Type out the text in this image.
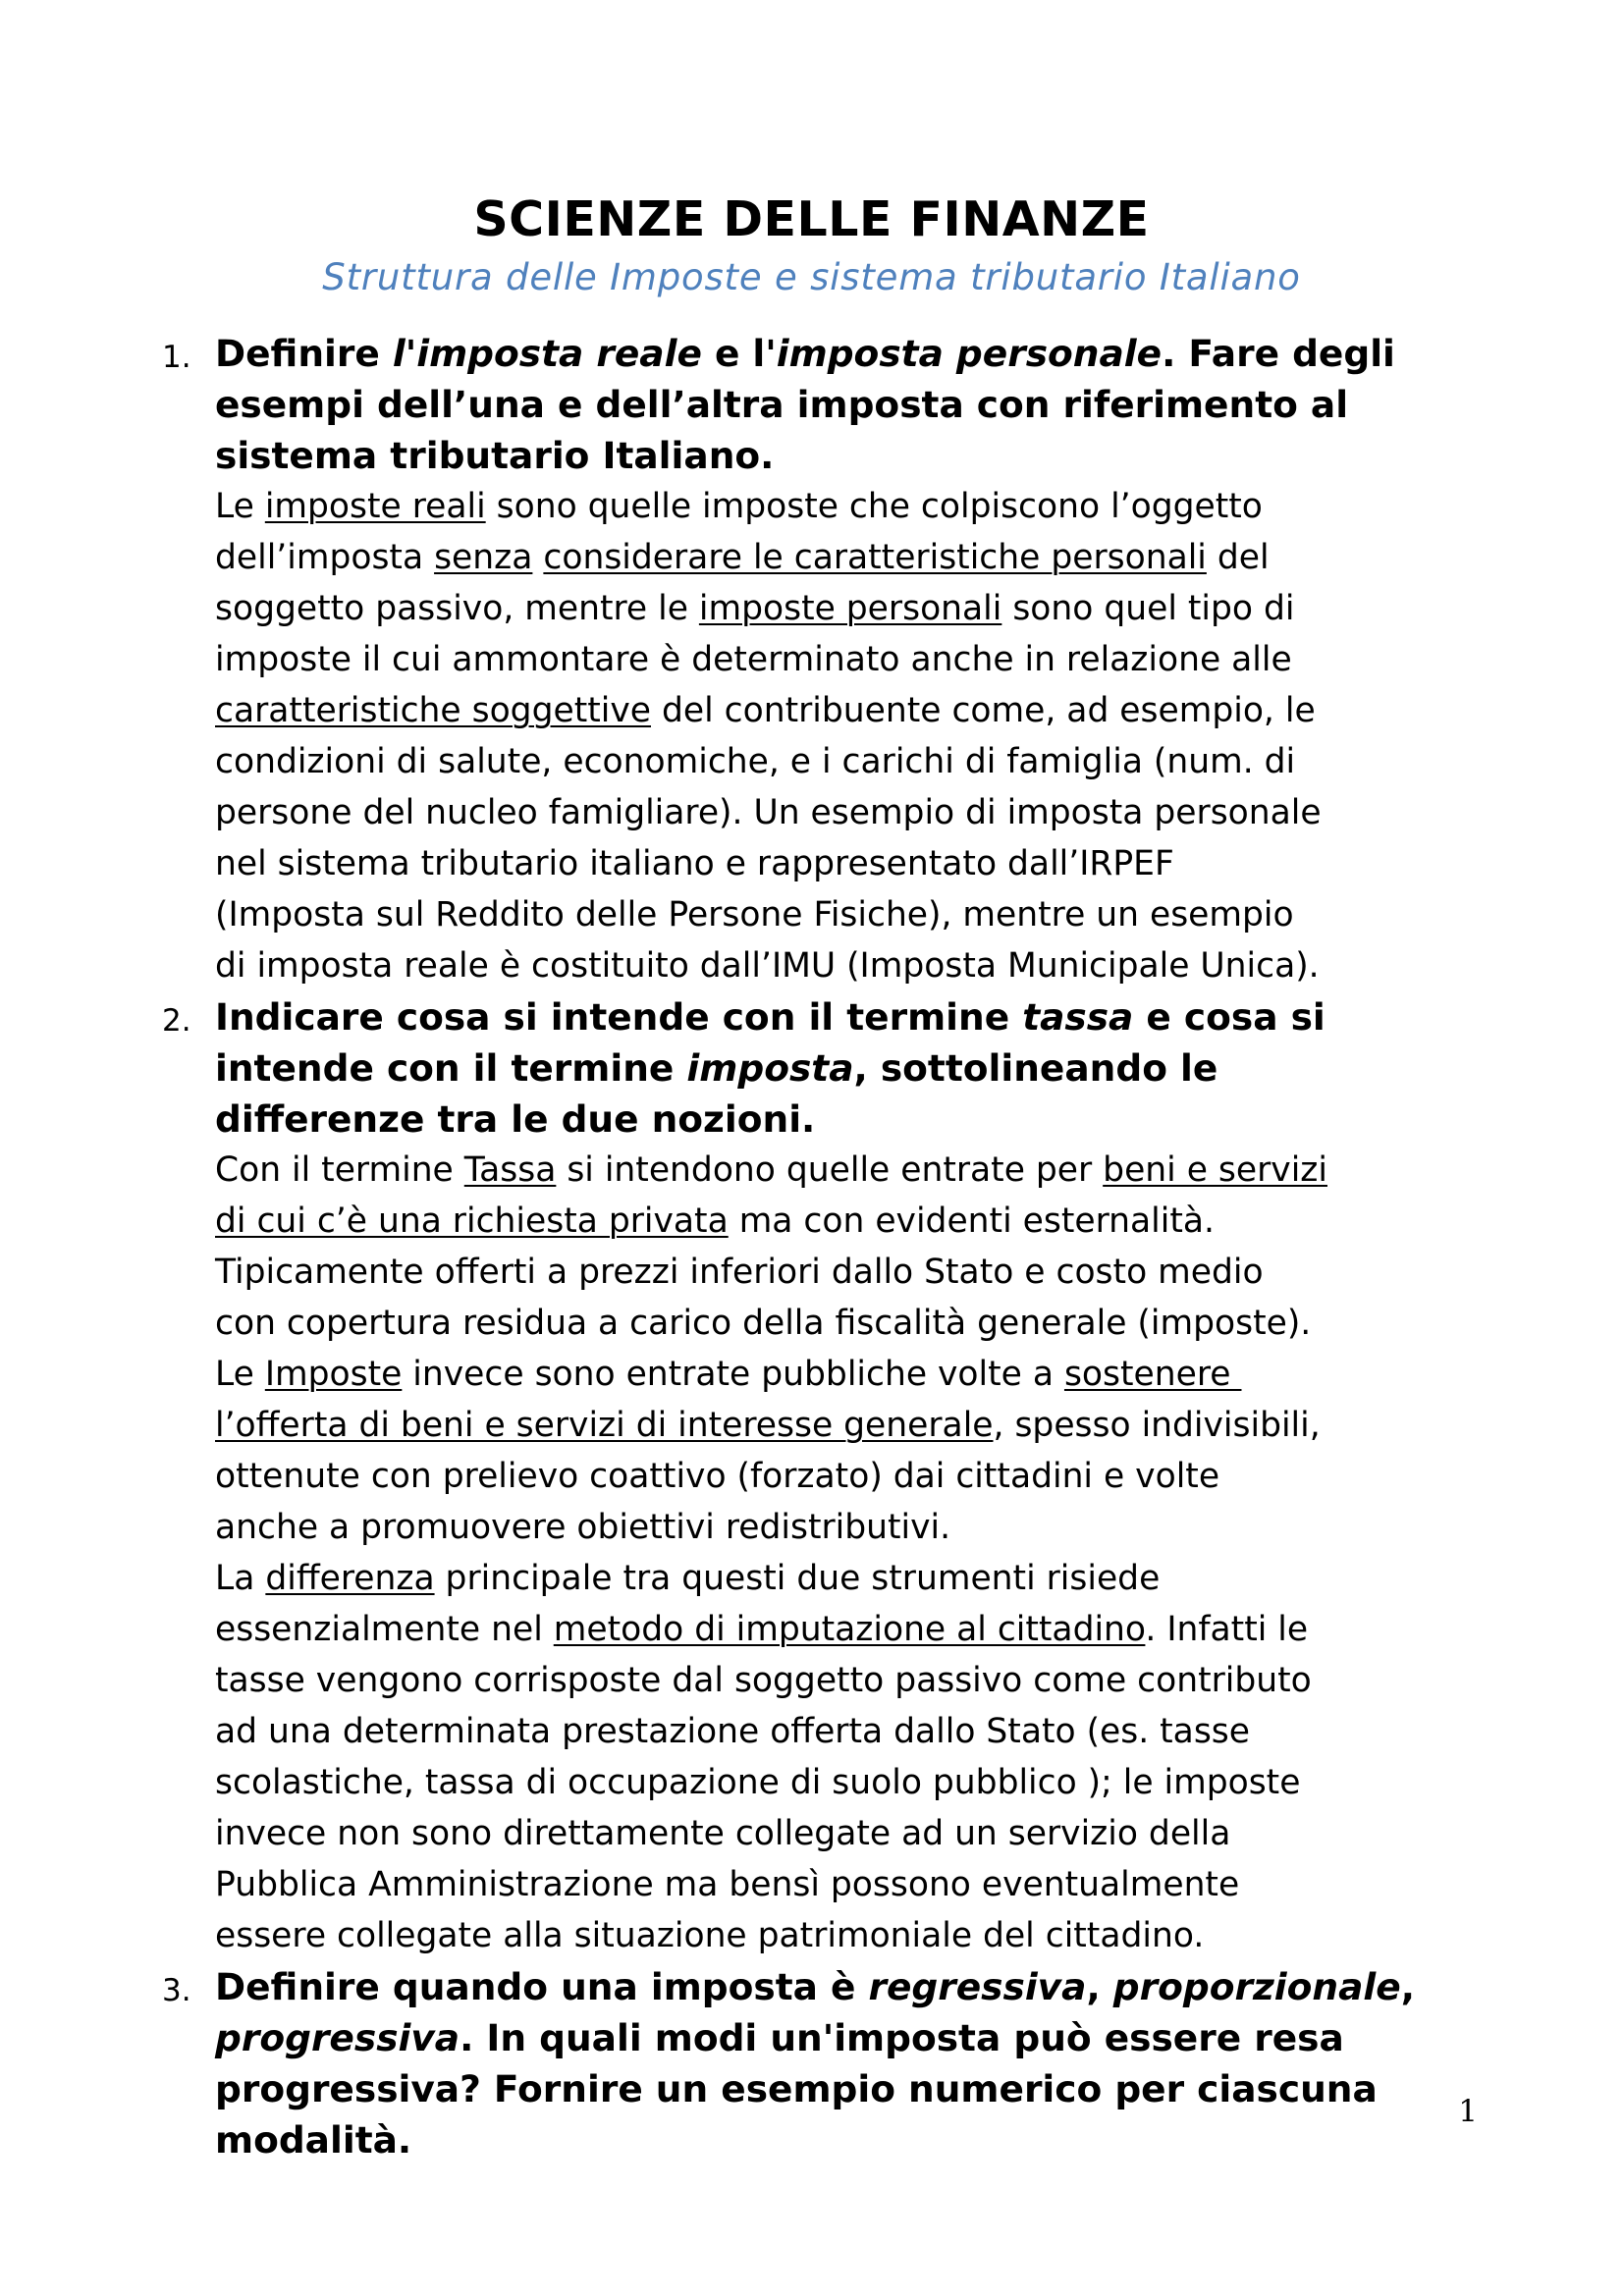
SCIENZE DELLE FINANZE
Struttura delle Imposte e sistema tributario Italiano
1. Definire l'imposta reale e l'imposta personale. Fare degli
esempi dell’una e dell’altra imposta con riferimento al
sistema tributario Italiano.
Le imposte reali sono quelle imposte che colpiscono l’oggetto
dell’imposta senza considerare le caratteristiche personali del
soggetto passivo, mentre le imposte personali sono quel tipo di
imposte il cui ammontare è determinato anche in relazione alle
caratteristiche soggettive del contribuente come, ad esempio, le
condizioni di salute, economiche, e i carichi di famiglia (num. di
persone del nucleo famigliare). Un esempio di imposta personale
nel sistema tributario italiano e rappresentato dall’IRPEF
(Imposta sul Reddito delle Persone Fisiche), mentre un esempio
di imposta reale è costituito dall’IMU (Imposta Municipale Unica).
2. Indicare cosa si intende con il termine tassa e cosa si
intende con il termine imposta, sottolineando le
differenze tra le due nozioni.
Con il termine Tassa si intendono quelle entrate per beni e servizi
di cui c’è una richiesta privata ma con evidenti esternalità.
Tipicamente offerti a prezzi inferiori dallo Stato e costo medio
con copertura residua a carico della fiscalità generale (imposte).
Le Imposte invece sono entrate pubbliche volte a sostenere
l’offerta di beni e servizi di interesse generale, spesso indivisibili,
ottenute con prelievo coattivo (forzato) dai cittadini e volte
anche a promuovere obiettivi redistributivi.
La differenza principale tra questi due strumenti risiede
essenzialmente nel metodo di imputazione al cittadino. Infatti le
tasse vengono corrisposte dal soggetto passivo come contributo
ad una determinata prestazione offerta dallo Stato (es. tasse
scolastiche, tassa di occupazione di suolo pubblico ); le imposte
invece non sono direttamente collegate ad un servizio della
Pubblica Amministrazione ma bensì possono eventualmente
essere collegate alla situazione patrimoniale del cittadino.
3. Definire quando una imposta è regressiva, proporzionale,
progressiva. In quali modi un'imposta può essere resa
progressiva? Fornire un esempio numerico per ciascuna
modalità.
1
